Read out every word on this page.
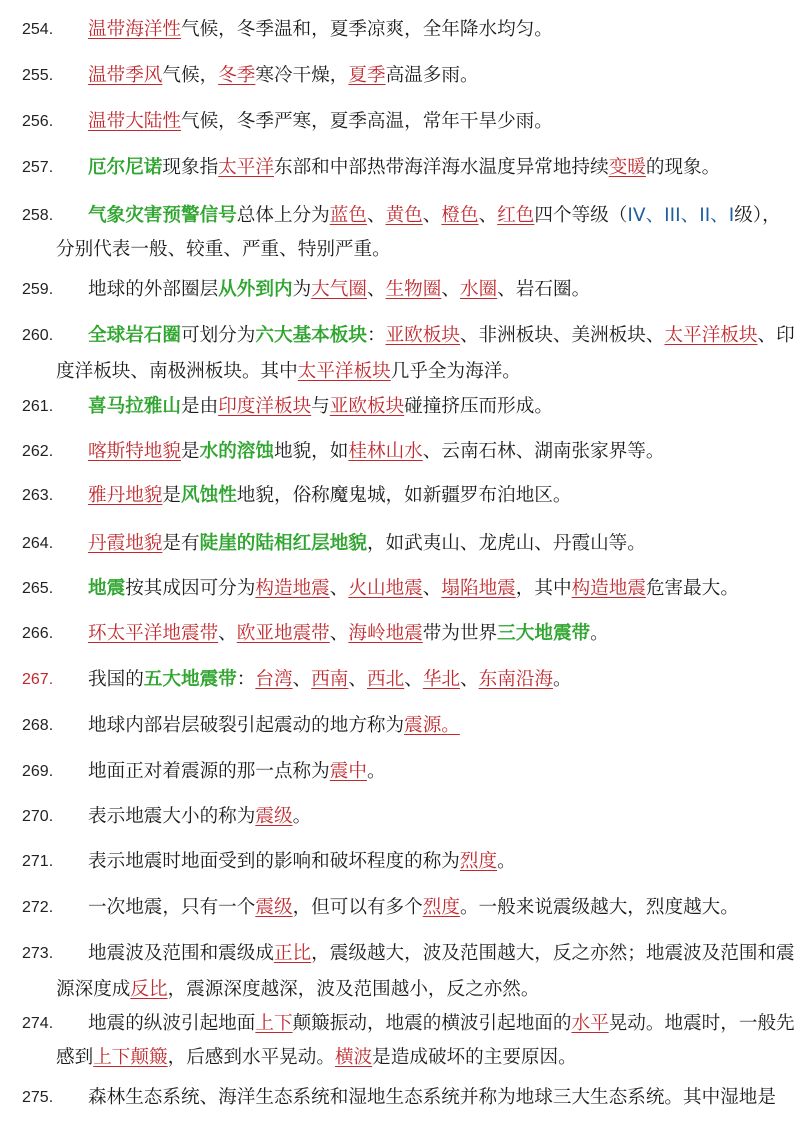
254. 温带海洋性气候，冬季温和，夏季凉爽，全年降水均匀。
255. 温带季风气候，冬季寒冷干燥，夏季高温多雨。
256. 温带大陆性气候，冬季严寒，夏季高温，常年干旱少雨。
257. 厄尔尼诺现象指太平洋东部和中部热带海洋海水温度异常地持续变暖的现象。
258. 气象灾害预警信号总体上分为蓝色、黄色、橙色、红色四个等级（IV、III、II、I级），分别代表一般、较重、严重、特别严重。
259. 地球的外部圈层从外到内为大气圈、生物圈、水圈、岩石圈。
260. 全球岩石圈可划分为六大基本板块：亚欧板块、非洲板块、美洲板块、太平洋板块、印度洋板块、南极洲板块。其中太平洋板块几乎全为海洋。
261. 喜马拉雅山是由印度洋板块与亚欧板块碰撞挤压而形成。
262. 喀斯特地貌是水的溶蚀地貌，如桂林山水、云南石林、湖南张家界等。
263. 雅丹地貌是风蚀性地貌，俗称魔鬼城，如新疆罗布泊地区。
264. 丹霞地貌是有陡崖的陆相红层地貌，如武夷山、龙虎山、丹霞山等。
265. 地震按其成因可分为构造地震、火山地震、塌陷地震，其中构造地震危害最大。
266. 环太平洋地震带、欧亚地震带、海岭地震带为世界三大地震带。
267. 我国的五大地震带：台湾、西南、西北、华北、东南沿海。
268. 地球内部岩层破裂引起震动的地方称为震源。
269. 地面正对着震源的那一点称为震中。
270. 表示地震大小的称为震级。
271. 表示地震时地面受到的影响和破坏程度的称为烈度。
272. 一次地震，只有一个震级，但可以有多个烈度。一般来说震级越大，烈度越大。
273. 地震波及范围和震级成正比，震级越大，波及范围越大，反之亦然；地震波及范围和震源深度成反比，震源深度越深，波及范围越小，反之亦然。
274. 地震的纵波引起地面上下颠簸振动，地震的横波引起地面的水平晃动。地震时，一般先感到上下颠簸，后感到水平晃动。横波是造成破坏的主要原因。
275. 森林生态系统、海洋生态系统和湿地生态系统并称为地球三大生态系统。其中湿地是
